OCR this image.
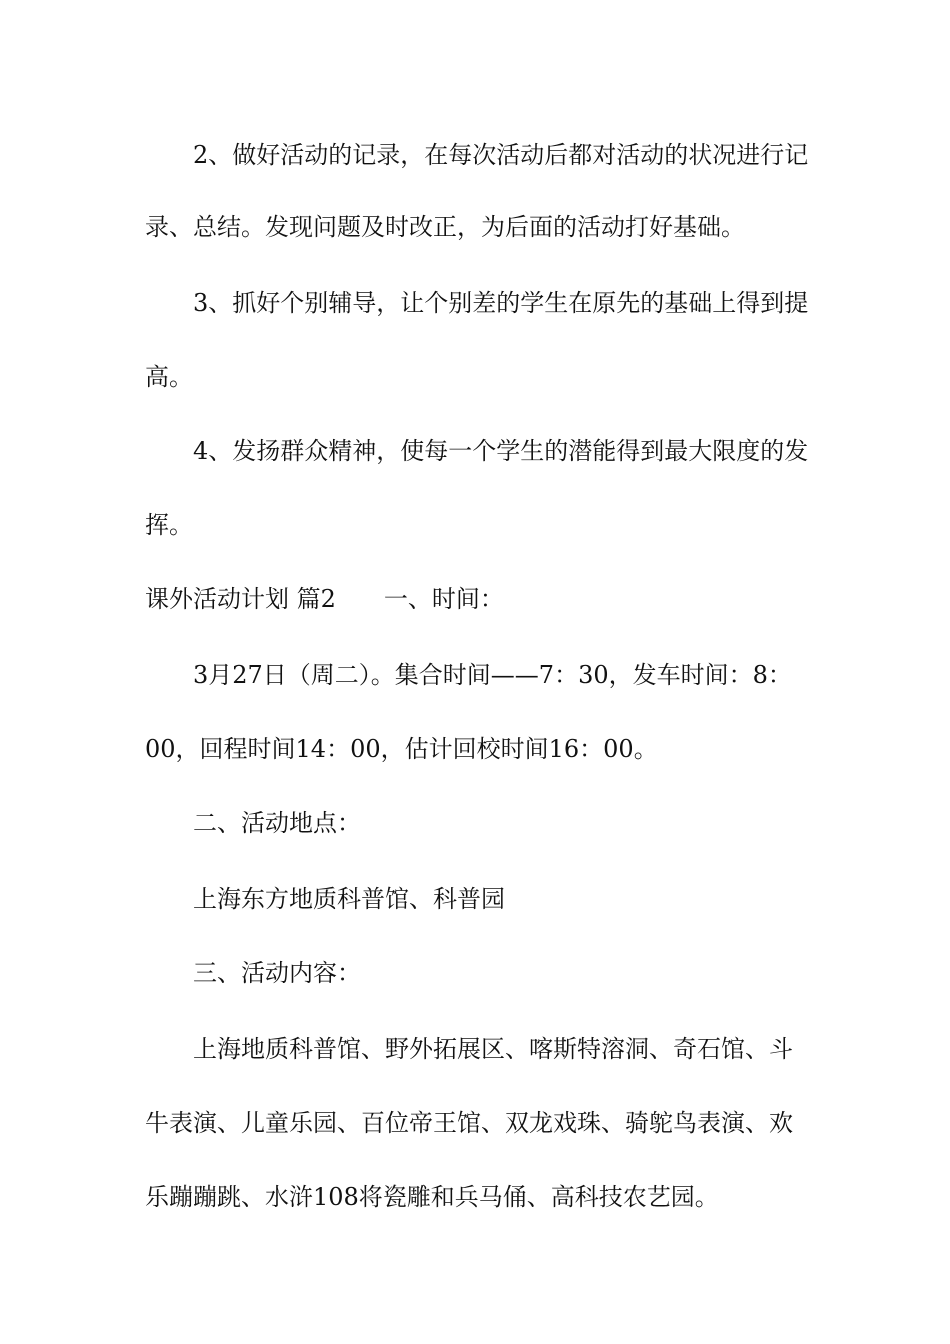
2、做好活动的记录，在每次活动后都对活动的状况进行记
录、总结。发现问题及时改正，为后面的活动打好基础。
3、抓好个别辅导，让个别差的学生在原先的基础上得到提
高。
4、发扬群众精神，使每一个学生的潜能得到最大限度的发
挥。
课外活动计划 篇2 一、时间：
3月27日（周二）。集合时间——7：30，发车时间：8：
00，回程时间14：00，估计回校时间16：00。
二、活动地点：
上海东方地质科普馆、科普园
三、活动内容：
上海地质科普馆、野外拓展区、喀斯特溶洞、奇石馆、斗
牛表演、儿童乐园、百位帝王馆、双龙戏珠、骑鸵鸟表演、欢
乐蹦蹦跳、水浒108将瓷雕和兵马俑、高科技农艺园。
